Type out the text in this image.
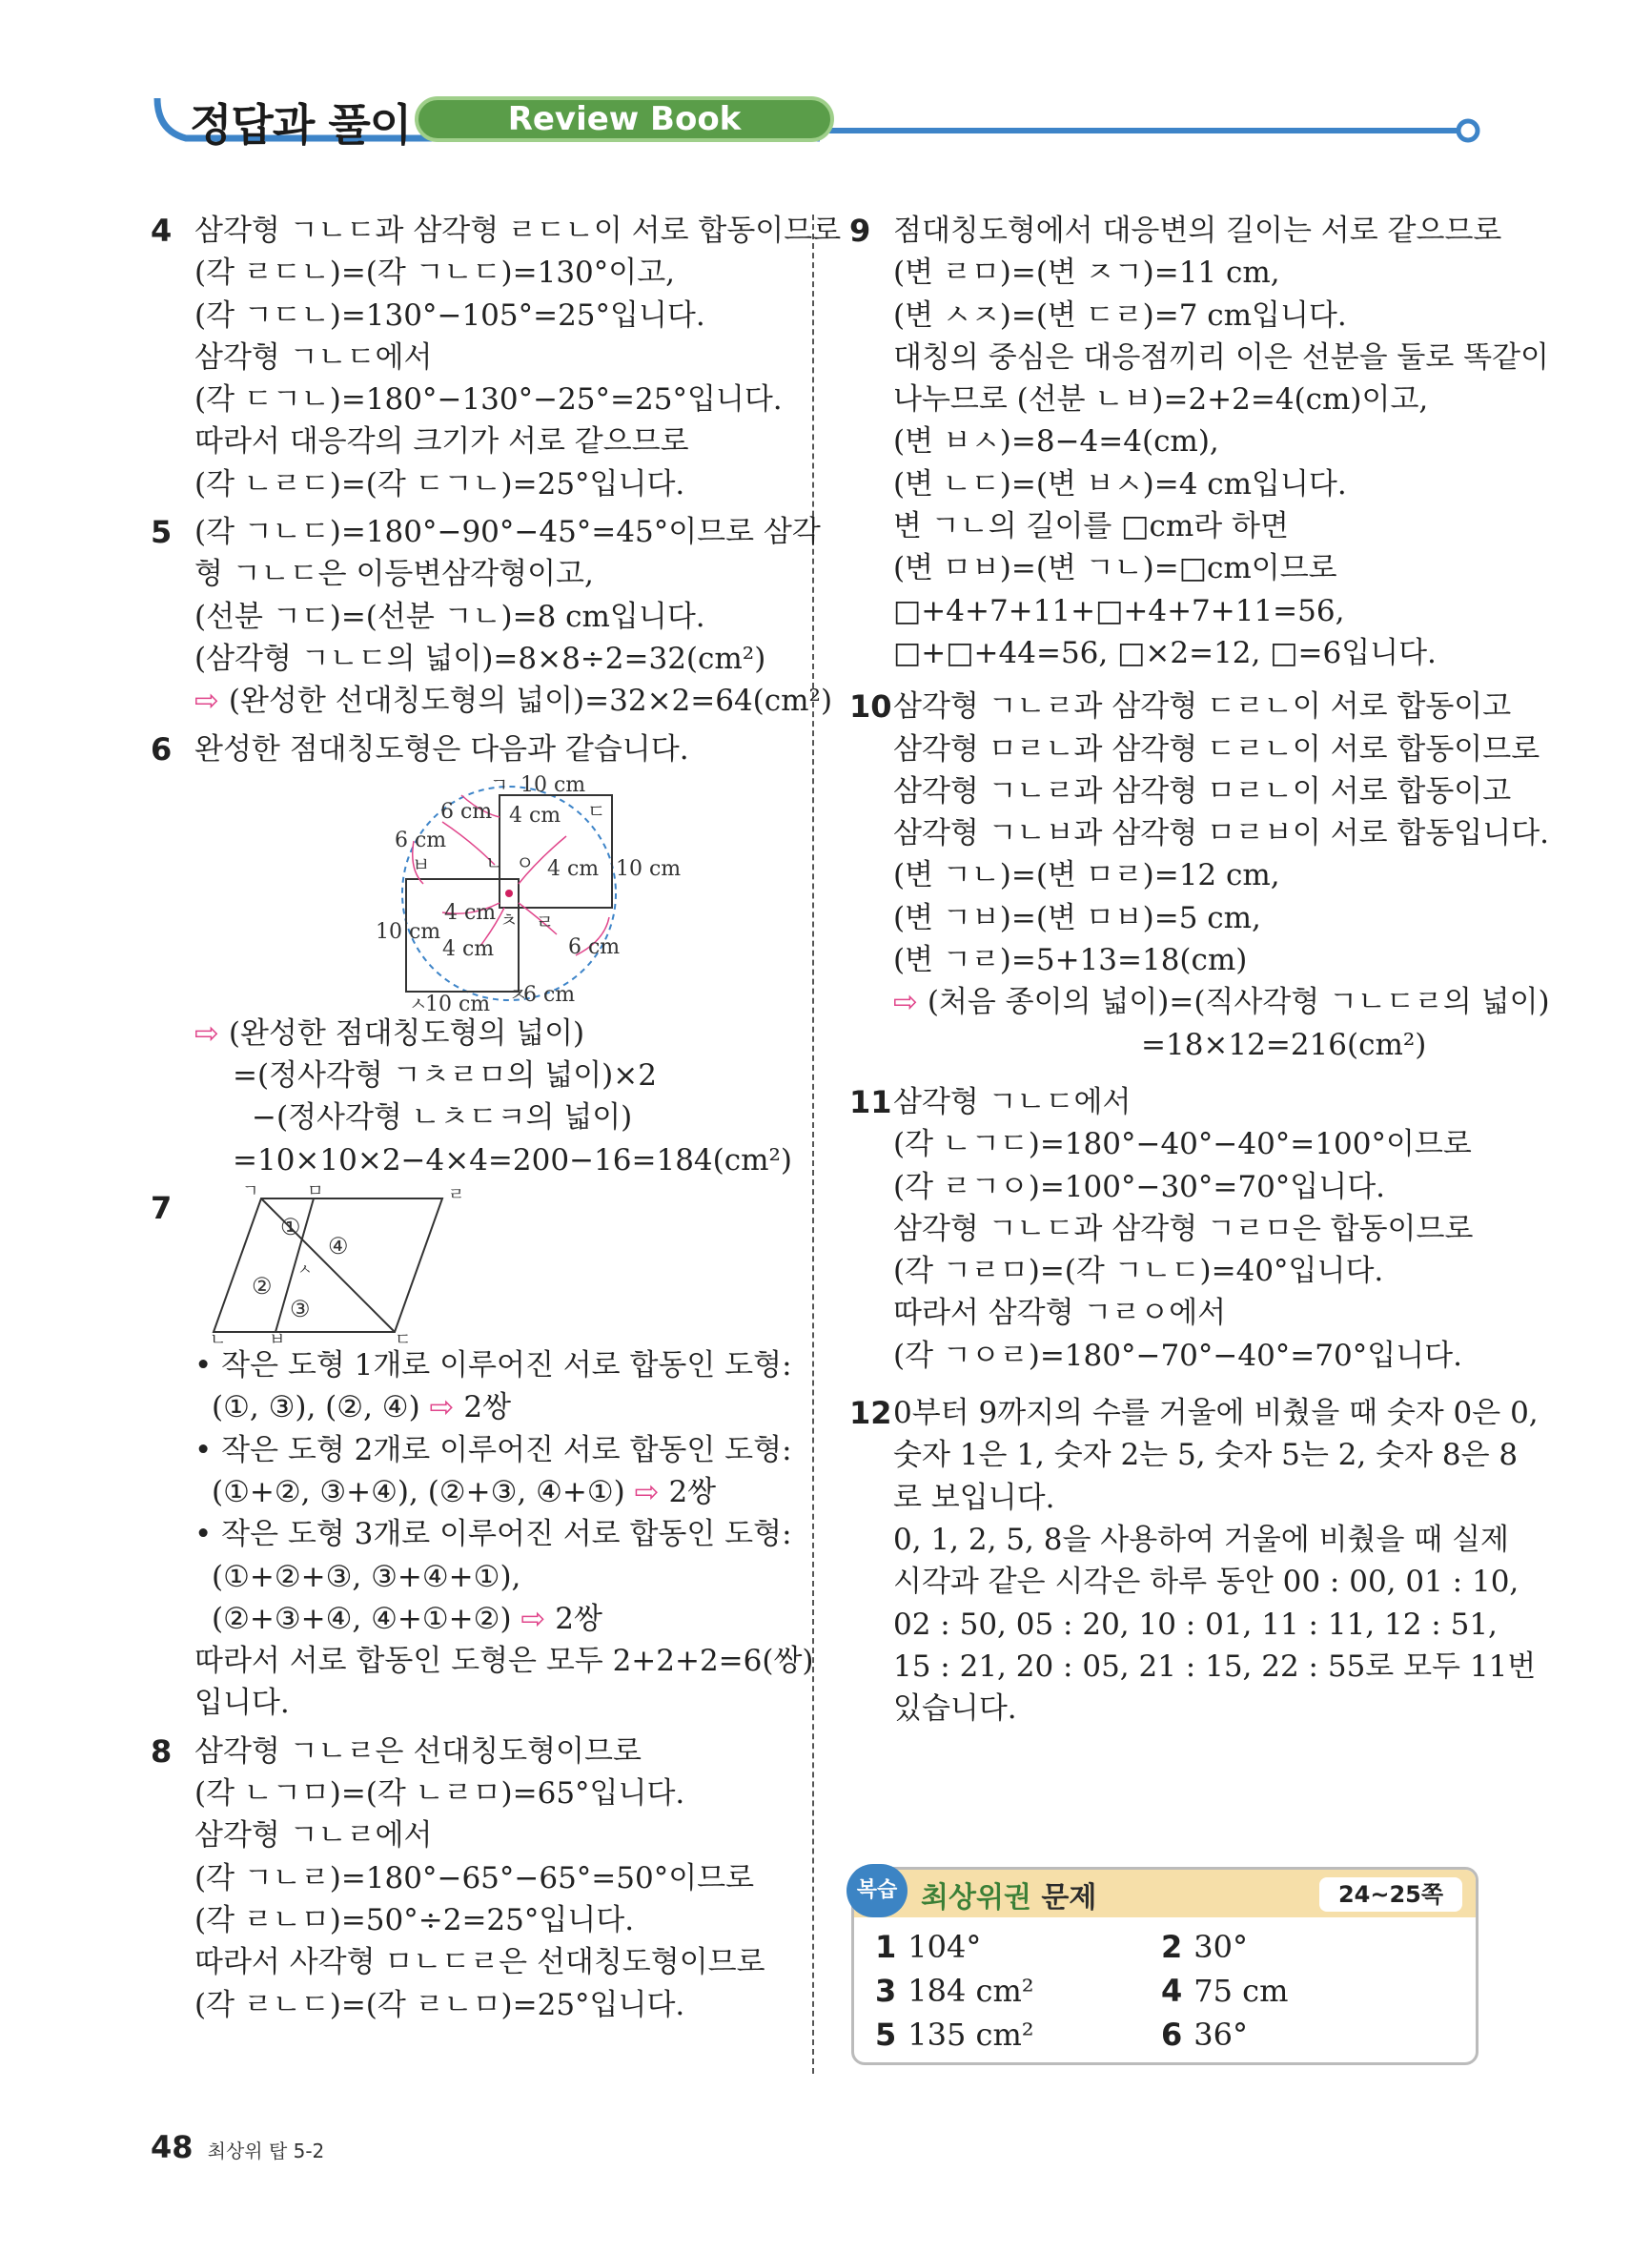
정답과 풀이	Review Book
4 삼각형 ㄱㄴㄷ과 삼각형 ㄹㄷㄴ이 서로 합동이므로
(각 ㄹㄷㄴ)=(각 ㄱㄴㄷ)=130°이고,
(각 ㄱㄷㄴ)=130°−105°=25°입니다.
삼각형 ㄱㄴㄷ에서
(각 ㄷㄱㄴ)=180°−130°−25°=25°입니다.
따라서 대응각의 크기가 서로 같으므로
(각 ㄴㄹㄷ)=(각 ㄷㄱㄴ)=25°입니다.
5 (각 ㄱㄴㄷ)=180°−90°−45°=45°이므로 삼각
형 ㄱㄴㄷ은 이등변삼각형이고,
(선분 ㄱㄷ)=(선분 ㄱㄴ)=8 cm입니다.
(삼각형 ㄱㄴㄷ의 넓이)=8×8÷2=32(cm²)
⇨ (완성한 선대칭도형의 넓이)=32×2=64(cm²)
6 완성한 점대칭도형은 다음과 같습니다.
ㄱ 10 cm
6 cm 4 cm ㄷ
6 cm
ㅂ	ㄴ ㅇ 4 cm 10 cm
10 cm
4 cm ㅊ ㄹ
6 cm
4 cm
ㅅ
10 cm ㅈ
6 cm
⇨ (완성한 점대칭도형의 넓이)
=(정사각형 ㄱㅊㄹㅁ의 넓이)×2
−(정사각형 ㄴㅊㄷㅋ의 넓이)
=10×10×2−4×4=200−16=184(cm²)
7	ㄱ	ㅁ	ㄹ
①
④
ㅅ
②
③
ㄴ ㅂ	ㄷ
• 작은 도형 1개로 이루어진 서로 합동인 도형:
(①, ③), (②, ④) ⇨ 2쌍
• 작은 도형 2개로 이루어진 서로 합동인 도형:
(①+②, ③+④), (②+③, ④+①) ⇨ 2쌍
• 작은 도형 3개로 이루어진 서로 합동인 도형:
(①+②+③, ③+④+①),
(②+③+④, ④+①+②) ⇨ 2쌍
따라서 서로 합동인 도형은 모두 2+2+2=6(쌍)
입니다.
8 삼각형 ㄱㄴㄹ은 선대칭도형이므로
(각 ㄴㄱㅁ)=(각 ㄴㄹㅁ)=65°입니다.
삼각형 ㄱㄴㄹ에서
(각 ㄱㄴㄹ)=180°−65°−65°=50°이므로
(각 ㄹㄴㅁ)=50°÷2=25°입니다.
따라서 사각형 ㅁㄴㄷㄹ은 선대칭도형이므로
(각 ㄹㄴㄷ)=(각 ㄹㄴㅁ)=25°입니다.
9 점대칭도형에서 대응변의 길이는 서로 같으므로
(변 ㄹㅁ)=(변 ㅈㄱ)=11 cm,
(변 ㅅㅈ)=(변 ㄷㄹ)=7 cm입니다.
대칭의 중심은 대응점끼리 이은 선분을 둘로 똑같이
나누므로 (선분 ㄴㅂ)=2+2=4(cm)이고,
(변 ㅂㅅ)=8−4=4(cm),
(변 ㄴㄷ)=(변 ㅂㅅ)=4 cm입니다.
변 ㄱㄴ의 길이를 □cm라 하면
(변 ㅁㅂ)=(변 ㄱㄴ)=□cm이므로
□+4+7+11+□+4+7+11=56,
□+□+44=56, □×2=12, □=6입니다.
10 삼각형 ㄱㄴㄹ과 삼각형 ㄷㄹㄴ이 서로 합동이고
삼각형 ㅁㄹㄴ과 삼각형 ㄷㄹㄴ이 서로 합동이므로
삼각형 ㄱㄴㄹ과 삼각형 ㅁㄹㄴ이 서로 합동이고
삼각형 ㄱㄴㅂ과 삼각형 ㅁㄹㅂ이 서로 합동입니다.
(변 ㄱㄴ)=(변 ㅁㄹ)=12 cm,
(변 ㄱㅂ)=(변 ㅁㅂ)=5 cm,
(변 ㄱㄹ)=5+13=18(cm)
⇨ (처음 종이의 넓이)=(직사각형 ㄱㄴㄷㄹ의 넓이)
=18×12=216(cm²)
11 삼각형 ㄱㄴㄷ에서
(각 ㄴㄱㄷ)=180°−40°−40°=100°이므로
(각 ㄹㄱㅇ)=100°−30°=70°입니다.
삼각형 ㄱㄴㄷ과 삼각형 ㄱㄹㅁ은 합동이므로
(각 ㄱㄹㅁ)=(각 ㄱㄴㄷ)=40°입니다.
따라서 삼각형 ㄱㄹㅇ에서
(각 ㄱㅇㄹ)=180°−70°−40°=70°입니다.
12 0부터 9까지의 수를 거울에 비췄을 때 숫자 0은 0,
숫자 1은 1, 숫자 2는 5, 숫자 5는 2, 숫자 8은 8
로 보입니다.
0, 1, 2, 5, 8을 사용하여 거울에 비췄을 때 실제
시각과 같은 시각은 하루 동안 00 : 00, 01 : 10,
02 : 50, 05 : 20, 10 : 01, 11 : 11, 12 : 51,
15 : 21, 20 : 05, 21 : 15, 22 : 55로 모두 11번
있습니다.
복습 최상위권 문제	24~25쪽
1 104°	2 30°
3 184 cm²	4 75 cm
5 135 cm²	6 36°
48 최상위 탑 5-2
